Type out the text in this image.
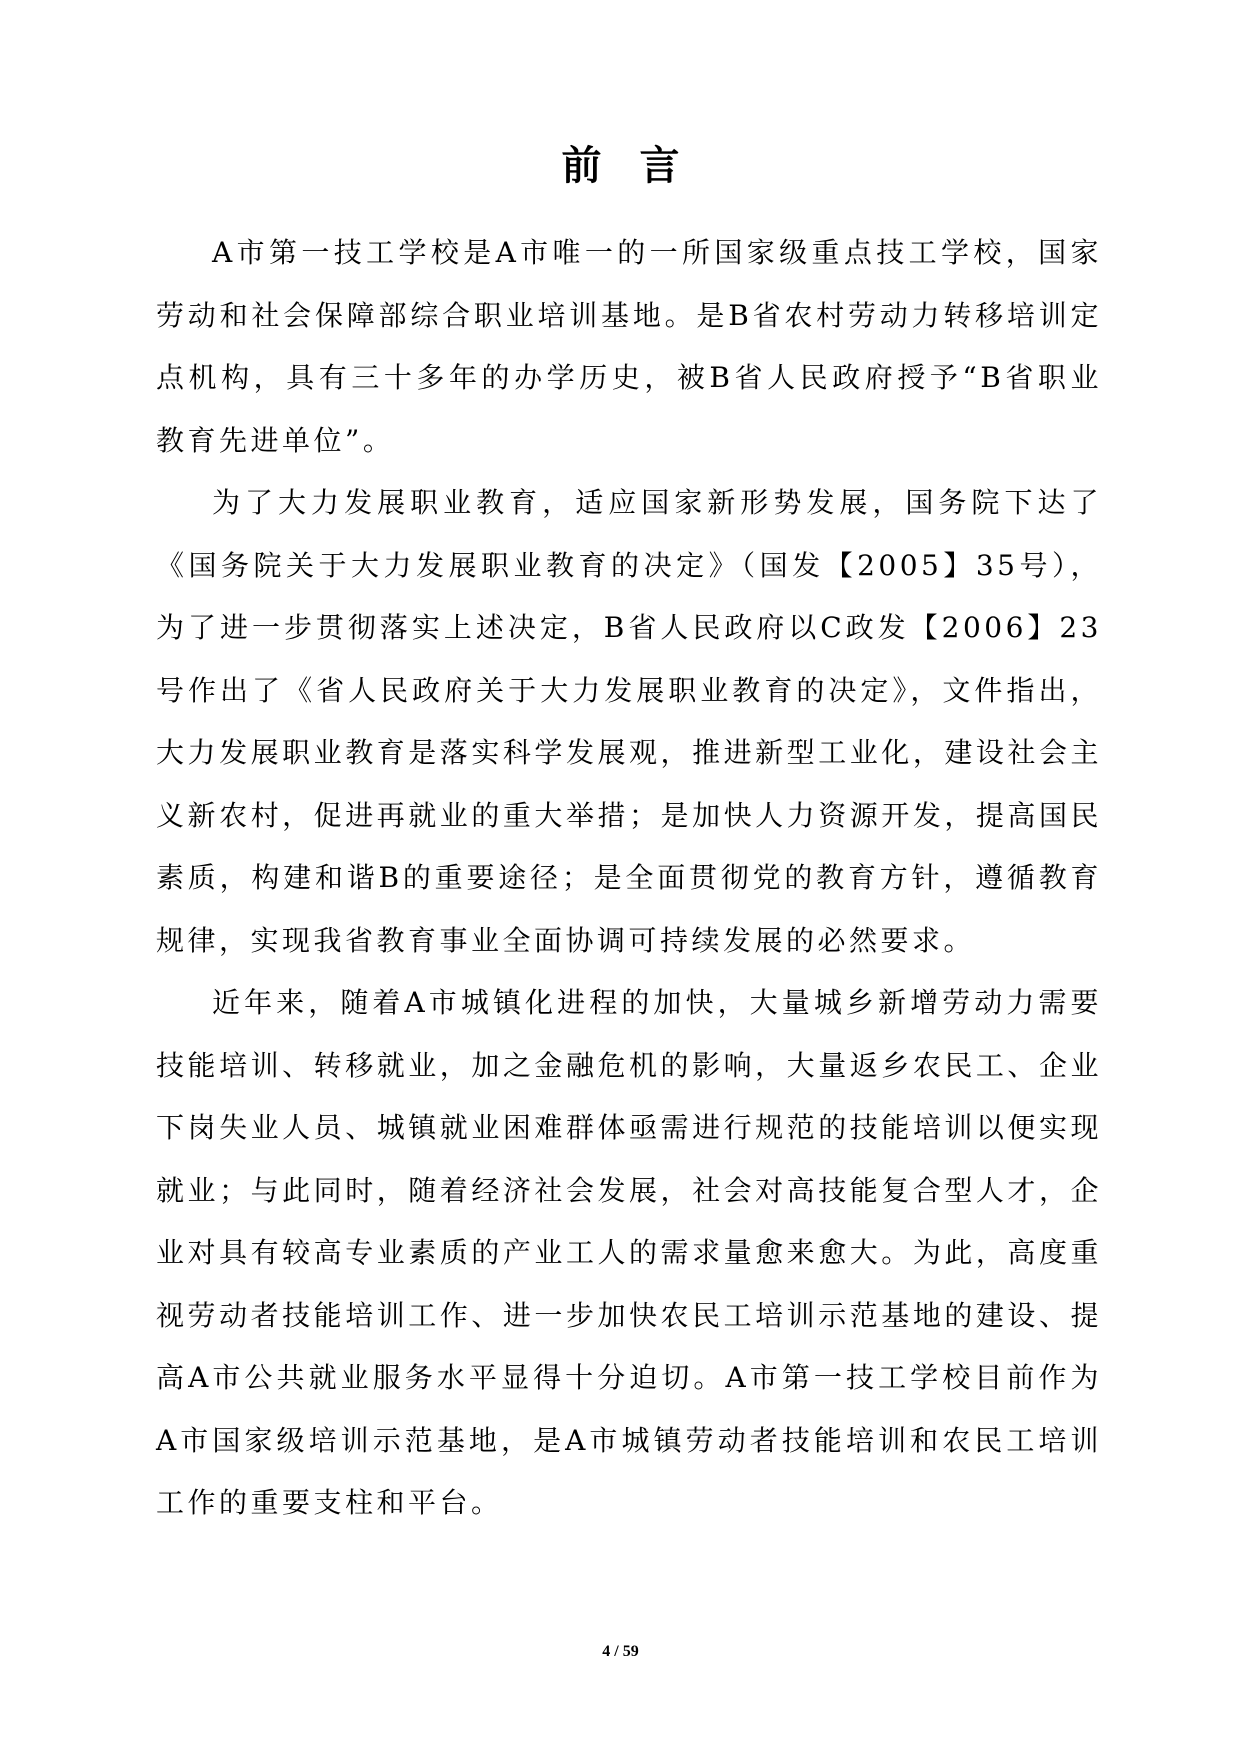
前言

A市第一技工学校是A市唯一的一所国家级重点技工学校，国家劳动和社会保障部综合职业培训基地。是B省农村劳动力转移培训定点机构，具有三十多年的办学历史，被B省人民政府授予“B省职业教育先进单位”。

为了大力发展职业教育，适应国家新形势发展，国务院下达了《国务院关于大力发展职业教育的决定》（国发【2005】35号），为了进一步贯彻落实上述决定，B省人民政府以C政发【2006】23号作出了《省人民政府关于大力发展职业教育的决定》，文件指出，大力发展职业教育是落实科学发展观，推进新型工业化，建设社会主义新农村，促进再就业的重大举措；是加快人力资源开发，提高国民素质，构建和谐B的重要途径；是全面贯彻党的教育方针，遵循教育规律，实现我省教育事业全面协调可持续发展的必然要求。

近年来，随着A市城镇化进程的加快，大量城乡新增劳动力需要技能培训、转移就业，加之金融危机的影响，大量返乡农民工、企业下岗失业人员、城镇就业困难群体亟需进行规范的技能培训以便实现就业；与此同时，随着经济社会发展，社会对高技能复合型人才，企业对具有较高专业素质的产业工人的需求量愈来愈大。为此，高度重视劳动者技能培训工作、进一步加快农民工培训示范基地的建设、提高A市公共就业服务水平显得十分迫切。A市第一技工学校目前作为A市国家级培训示范基地，是A市城镇劳动者技能培训和农民工培训工作的重要支柱和平台。

4 / 59
